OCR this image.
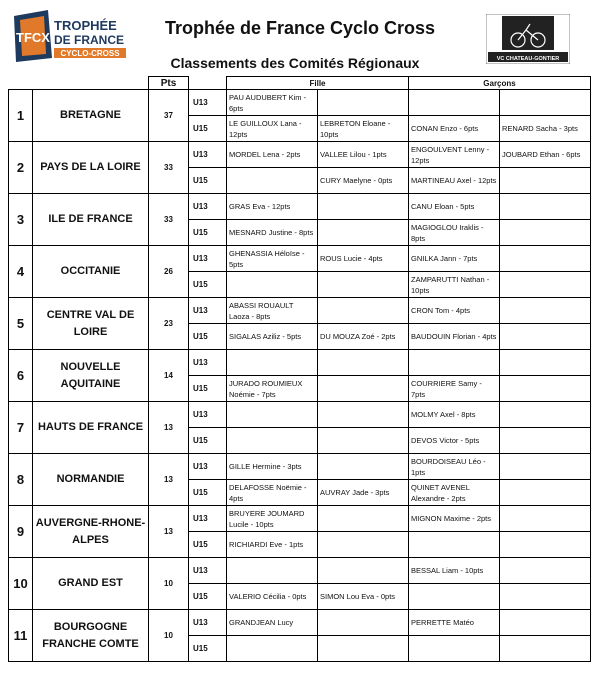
TFCX
TROPHÉE
DE FRANCE
CYCLO-CROSS
Trophée de France Cyclo Cross
Classements des Comités Régionaux	VC CHATEAU-GONTIER
		Pts		Fille		Garçons	
1	BRETAGNE	37	U13	PAU AUDUBERT Kim - 6pts			
			U15	LE GUILLOUX Lana - 12pts	LEBRETON Eloane - 10pts	CONAN Enzo - 6pts	RENARD Sacha - 3pts
2	PAYS DE LA LOIRE	33	U13	MORDEL Lena - 2pts	VALLEE Lilou - 1pts	ENGOULVENT Lenny - 12pts	JOUBARD Ethan - 6pts
			U15		CURY Maelyne - 0pts	MARTINEAU Axel - 12pts	
3	ILE DE FRANCE	33	U13	GRAS Eva - 12pts		CANU Eloan - 5pts	
			U15	MESNARD Justine - 8pts		MAGIOGLOU Iraklis - 8pts	
4	OCCITANIE	26	U13	GHENASSIA Héloïse - 5pts	ROUS Lucie - 4pts	GNILKA Jann - 7pts	
			U15			ZAMPARUTTI Nathan - 10pts	
5	CENTRE VAL DE LOIRE	23	U13	ABASSI ROUAULT Laoza - 8pts		CRON Tom - 4pts	
			U15	SIGALAS Aziliz - 5pts	DU MOUZA Zoé - 2pts	BAUDOUIN Florian - 4pts	
6	NOUVELLE AQUITAINE	14	U13				
			U15	JURADO ROUMIEUX Noémie - 7pts		COURRIERE Samy - 7pts	
7	HAUTS DE FRANCE	13	U13			MOLMY Axel - 8pts	
			U15			DEVOS Victor - 5pts	
8	NORMANDIE	13	U13	GILLE Hermine - 3pts		BOURDOISEAU Léo - 1pts	
			U15	DELAFOSSE Noëmie - 4pts	AUVRAY Jade - 3pts	QUINET AVENEL Alexandre - 2pts	
9	AUVERGNE-RHONE-ALPES	13	U13	BRUYERE JOUMARD Lucile - 10pts		MIGNON Maxime - 2pts	
			U15	RICHIARDI Eve - 1pts			
10	GRAND EST	10	U13			BESSAL Liam - 10pts	
			U15	VALERIO Cécilia - 0pts	SIMON Lou Eva - 0pts		
11	BOURGOGNE FRANCHE COMTE	10	U13	GRANDJEAN Lucy		PERRETTE Matéo	
			U15				
